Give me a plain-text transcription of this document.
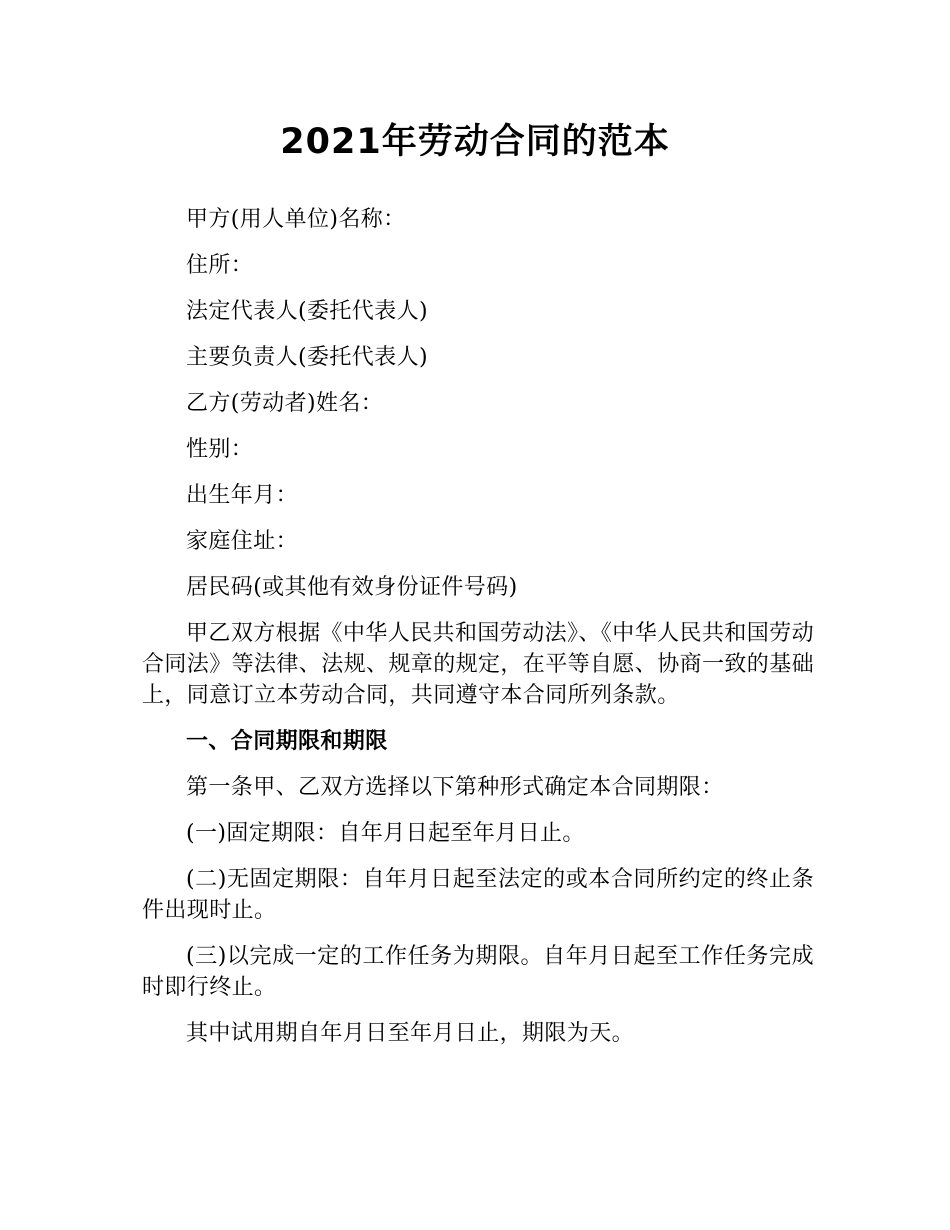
2021年劳动合同的范本

甲方(用人单位)名称：

住所：

法定代表人(委托代表人)

主要负责人(委托代表人)

乙方(劳动者)姓名：

性别：

出生年月：

家庭住址：

居民码(或其他有效身份证件号码)

甲乙双方根据《中华人民共和国劳动法》、《中华人民共和国劳动合同法》等法律、法规、规章的规定，在平等自愿、协商一致的基础上，同意订立本劳动合同，共同遵守本合同所列条款。

一、合同期限和期限

第一条甲、乙双方选择以下第种形式确定本合同期限：

(一)固定期限：自年月日起至年月日止。

(二)无固定期限：自年月日起至法定的或本合同所约定的终止条件出现时止。

(三)以完成一定的工作任务为期限。自年月日起至工作任务完成时即行终止。

其中试用期自年月日至年月日止，期限为天。
